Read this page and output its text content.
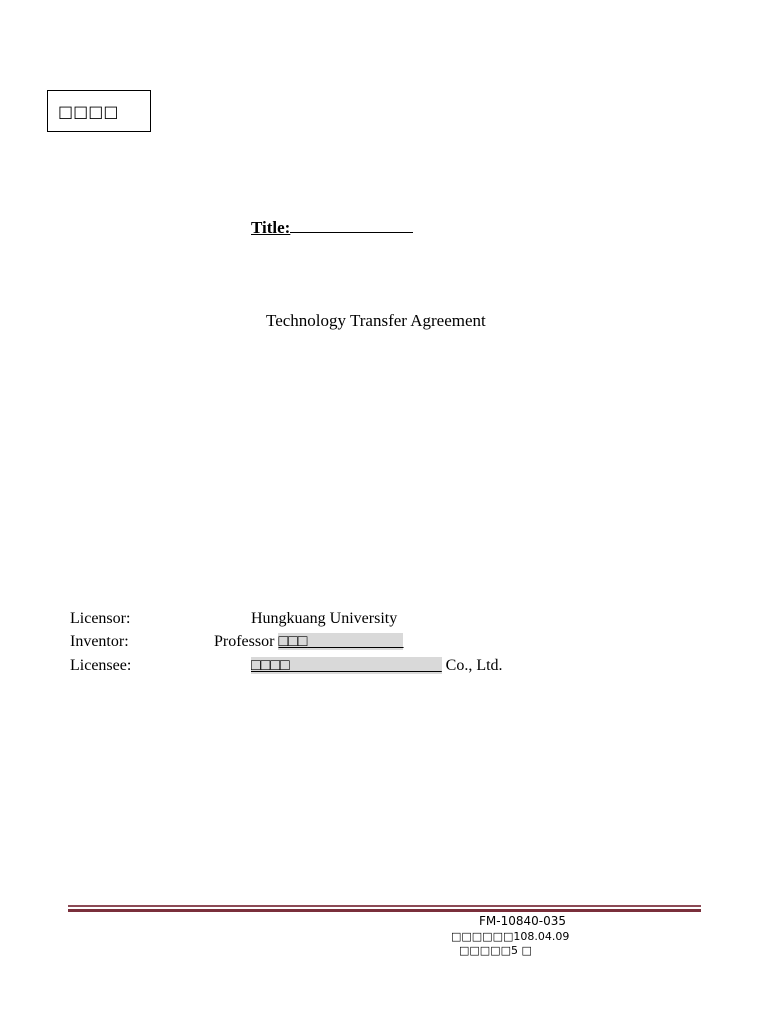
□□□□
Title:
Technology Transfer Agreement
Licensor:	Hungkuang University
Inventor:	Professor □□□____________
Licensee:	□□□□___________________ Co., Ltd.
FM-10840-035
□□□□□□108.04.09
□□□□□5 □
